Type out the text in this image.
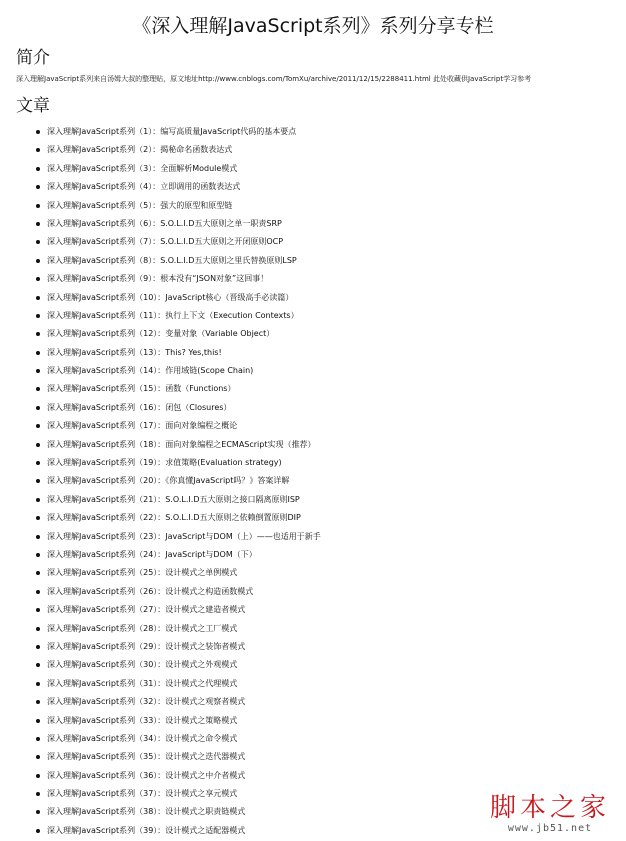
《深入理解JavaScript系列》系列分享专栏
简介

深入理解JavaScript系列来自汤姆大叔的整理贴，原文地址http://www.cnblogs.com/TomXu/archive/2011/12/15/2288411.html 此处收藏供JavaScript学习参考

文章
深入理解JavaScript系列（1）：编写高质量JavaScript代码的基本要点
深入理解JavaScript系列（2）：揭秘命名函数表达式
深入理解JavaScript系列（3）：全面解析Module模式
深入理解JavaScript系列（4）：立即调用的函数表达式
深入理解JavaScript系列（5）：强大的原型和原型链
深入理解JavaScript系列（6）：S.O.L.I.D五大原则之单一职责SRP
深入理解JavaScript系列（7）：S.O.L.I.D五大原则之开闭原则OCP
深入理解JavaScript系列（8）：S.O.L.I.D五大原则之里氏替换原则LSP
深入理解JavaScript系列（9）：根本没有“JSON对象”这回事！
深入理解JavaScript系列（10）：JavaScript核心（晋级高手必读篇）
深入理解JavaScript系列（11）：执行上下文（Execution Contexts）
深入理解JavaScript系列（12）：变量对象（Variable Object）
深入理解JavaScript系列（13）：This? Yes,this!
深入理解JavaScript系列（14）：作用域链(Scope Chain)
深入理解JavaScript系列（15）：函数（Functions）
深入理解JavaScript系列（16）：闭包（Closures）
深入理解JavaScript系列（17）：面向对象编程之概论
深入理解JavaScript系列（18）：面向对象编程之ECMAScript实现（推荐）
深入理解JavaScript系列（19）：求值策略(Evaluation strategy)
深入理解JavaScript系列（20）：《你真懂JavaScript吗？》答案详解
深入理解JavaScript系列（21）：S.O.L.I.D五大原则之接口隔离原则ISP
深入理解JavaScript系列（22）：S.O.L.I.D五大原则之依赖倒置原则DIP
深入理解JavaScript系列（23）：JavaScript与DOM（上）——也适用于新手
深入理解JavaScript系列（24）：JavaScript与DOM（下）
深入理解JavaScript系列（25）：设计模式之单例模式
深入理解JavaScript系列（26）：设计模式之构造函数模式
深入理解JavaScript系列（27）：设计模式之建造者模式
深入理解JavaScript系列（28）：设计模式之工厂模式
深入理解JavaScript系列（29）：设计模式之装饰者模式
深入理解JavaScript系列（30）：设计模式之外观模式
深入理解JavaScript系列（31）：设计模式之代理模式
深入理解JavaScript系列（32）：设计模式之观察者模式
深入理解JavaScript系列（33）：设计模式之策略模式
深入理解JavaScript系列（34）：设计模式之命令模式
深入理解JavaScript系列（35）：设计模式之迭代器模式
深入理解JavaScript系列（36）：设计模式之中介者模式
深入理解JavaScript系列（37）：设计模式之享元模式
深入理解JavaScript系列（38）：设计模式之职责链模式
深入理解JavaScript系列（39）：设计模式之适配器模式
脚本之家
www.jb51.net
